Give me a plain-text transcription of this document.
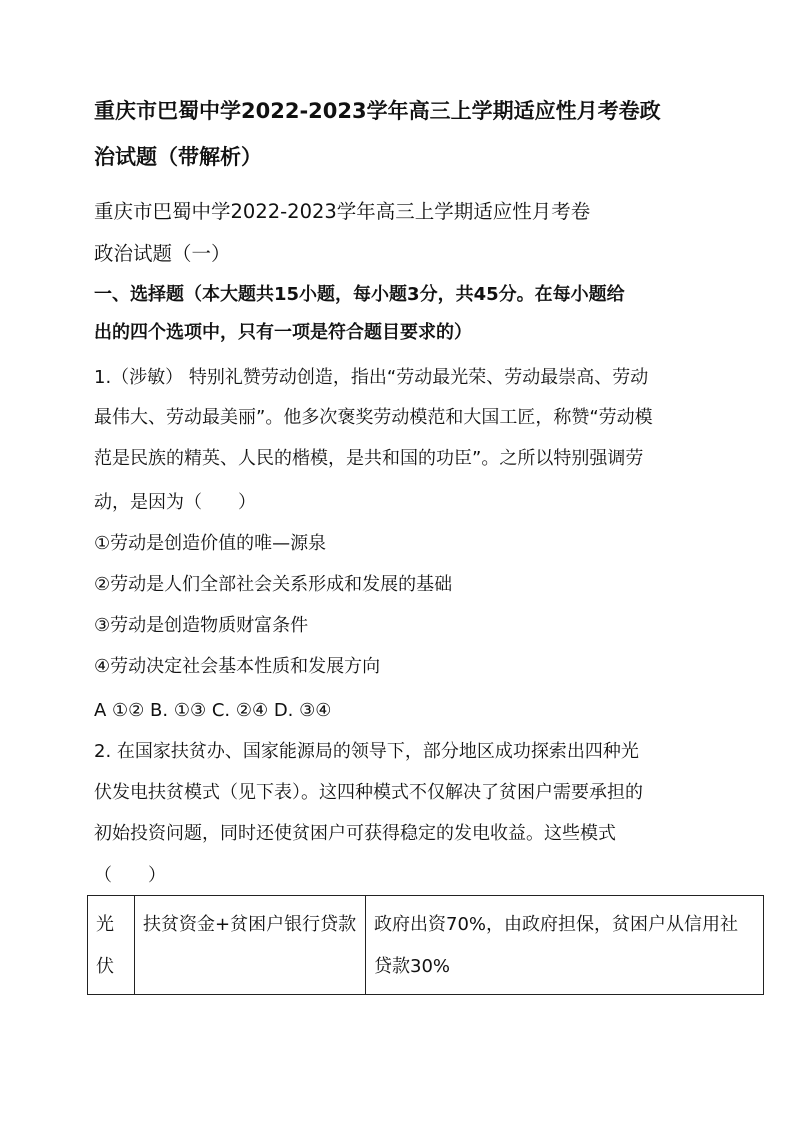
重庆市巴蜀中学2022-2023学年高三上学期适应性月考卷政
治试题（带解析）
重庆市巴蜀中学2022-2023学年高三上学期适应性月考卷
政治试题（一）
一、选择题（本大题共15小题，每小题3分，共45分。在每小题给
出的四个选项中，只有一项是符合题目要求的）
1.（涉敏） 特别礼赞劳动创造，指出“劳动最光荣、劳动最崇高、劳动
最伟大、劳动最美丽”。他多次褒奖劳动模范和大国工匠，称赞“劳动模
范是民族的精英、人民的楷模，是共和国的功臣”。之所以特别强调劳
动，是因为（　　）
①劳动是创造价值的唯—源泉
②劳动是人们全部社会关系形成和发展的基础
③劳动是创造物质财富条件
④劳动决定社会基本性质和发展方向
A ①② B. ①③ C. ②④ D. ③④
2. 在国家扶贫办、国家能源局的领导下，部分地区成功探索出四种光
伏发电扶贫模式（见下表）。这四种模式不仅解决了贫困户需要承担的
初始投资问题，同时还使贫困户可获得稳定的发电收益。这些模式
（　　）
光伏	扶贫资金+贫困户银行贷款	政府出资70%，由政府担保，贫困户从信用社贷款30%
